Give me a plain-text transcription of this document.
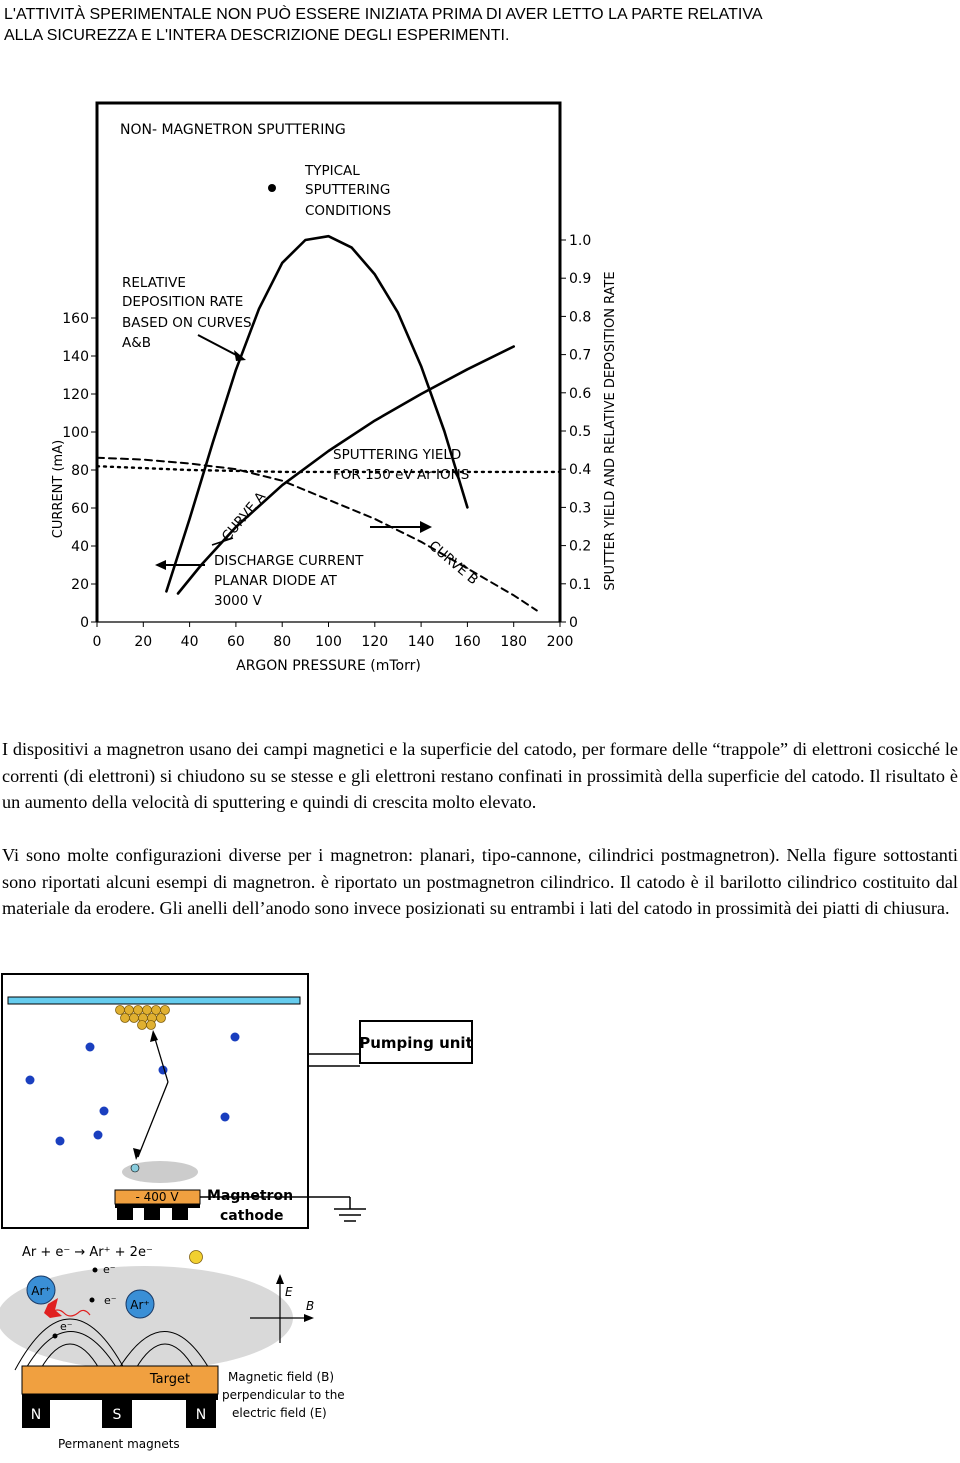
L'ATTIVITÀ SPERIMENTALE NON PUÒ ESSERE INIZIATA PRIMA DI AVER LETTO LA PARTE RELATIVA
ALLA SICUREZZA E L'INTERA DESCRIZIONE DEGLI ESPERIMENTI.
0 20 40 60 80 100 120 140 160 180 200
0
20
40
60
80
100
120
140
160
0
0.1
0.2
0.3
0.4
0.5
0.6
0.7
0.8
0.9
1.0
ARGON PRESSURE (mTorr)
CURRENT (mA)	SPUTTER YIELD AND RELATIVE DEPOSITION RATE
NON- MAGNETRON SPUTTERING
TYPICAL
SPUTTERING
CONDITIONS
RELATIVE
DEPOSITION RATE
BASED ON CURVES
A&B
SPUTTERING YIELD
FOR 150 eV Ar IONS
CURVE A
CURVE B
DISCHARGE CURRENT
PLANAR DIODE AT
3000 V
I dispositivi a magnetron usano dei campi magnetici e la superficie del catodo, per formare delle “trappole” di elettroni cosicché le correnti (di elettroni) si chiudono su se stesse e gli elettroni restano confinati in prossimità della superficie del catodo. Il risultato è un aumento della velocità di sputtering e quindi di crescita molto elevato.
Vi sono molte configurazioni diverse per i magnetron: planari, tipo-cannone, cilindrici postmagnetron). Nella figure sottostanti sono riportati alcuni esempi di magnetron. è riportato un postmagnetron cilindrico. Il catodo è il barilotto cilindrico costituito dal materiale da erodere. Gli anelli dell’anodo sono invece posizionati su entrambi i lati del catodo in prossimità dei piatti di chiusura.
- 400 V Magnetron
cathode
Pumping unit
Ar + e⁻ → Ar⁺ + 2e⁻
Ar⁺
Ar⁺
e⁻
e⁻
e⁻
E
B
Target
N	S	N
Magnetic field (B)
perpendicular to the
electric field (E)
Permanent magnets
